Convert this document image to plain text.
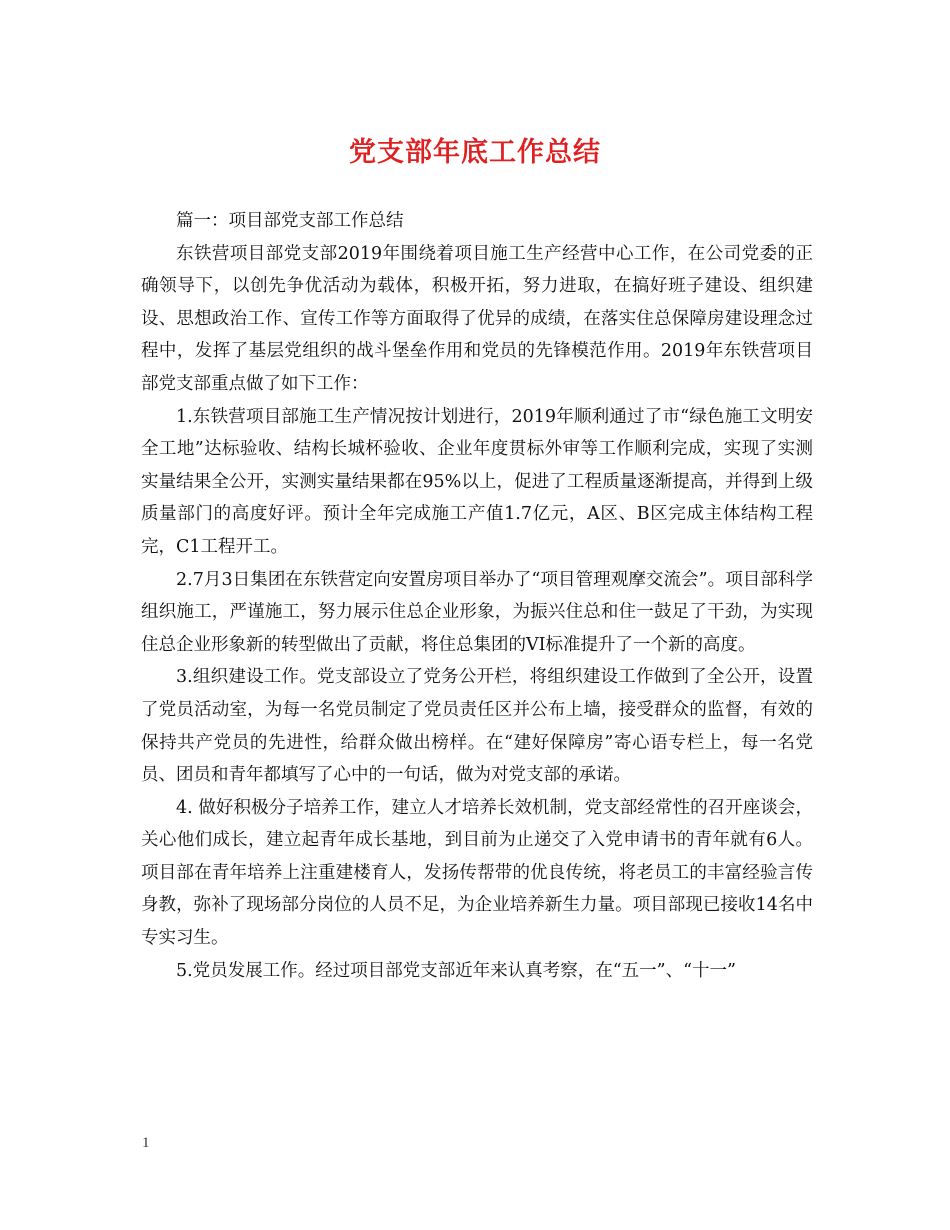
党支部年底工作总结

篇一：项目部党支部工作总结

东铁营项目部党支部2019年围绕着项目施工生产经营中心工作，在公司党委的正确领导下，以创先争优活动为载体，积极开拓，努力进取，在搞好班子建设、组织建设、思想政治工作、宣传工作等方面取得了优异的成绩，在落实住总保障房建设理念过程中，发挥了基层党组织的战斗堡垒作用和党员的先锋模范作用。2019年东铁营项目部党支部重点做了如下工作：

1.东铁营项目部施工生产情况按计划进行，2019年顺利通过了市“绿色施工文明安全工地”达标验收、结构长城杯验收、企业年度贯标外审等工作顺利完成，实现了实测实量结果全公开，实测实量结果都在95%以上，促进了工程质量逐渐提高，并得到上级质量部门的高度好评。预计全年完成施工产值1.7亿元，A区、B区完成主体结构工程完，C1工程开工。

2.7月3日集团在东铁营定向安置房项目举办了“项目管理观摩交流会”。项目部科学组织施工，严谨施工，努力展示住总企业形象，为振兴住总和住一鼓足了干劲，为实现住总企业形象新的转型做出了贡献，将住总集团的VI标准提升了一个新的高度。

3.组织建设工作。党支部设立了党务公开栏，将组织建设工作做到了全公开，设置了党员活动室，为每一名党员制定了党员责任区并公布上墙，接受群众的监督，有效的保持共产党员的先进性，给群众做出榜样。在“建好保障房”寄心语专栏上，每一名党员、团员和青年都填写了心中的一句话，做为对党支部的承诺。

4. 做好积极分子培养工作，建立人才培养长效机制，党支部经常性的召开座谈会，关心他们成长，建立起青年成长基地，到目前为止递交了入党申请书的青年就有6人。项目部在青年培养上注重建楼育人，发扬传帮带的优良传统，将老员工的丰富经验言传身教，弥补了现场部分岗位的人员不足，为企业培养新生力量。项目部现已接收14名中专实习生。

5.党员发展工作。经过项目部党支部近年来认真考察，在“五一”、“十一”

1
